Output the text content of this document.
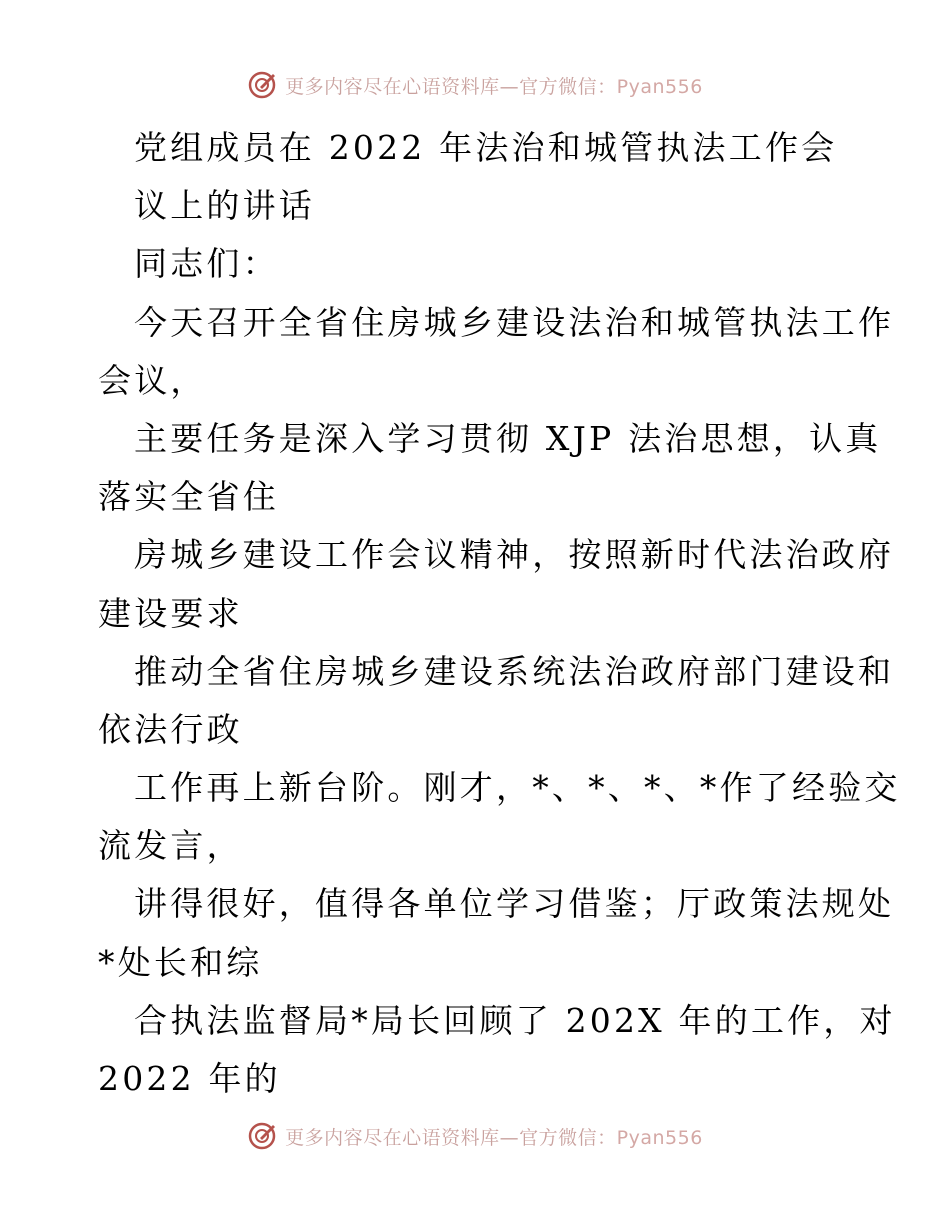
更多内容尽在心语资料库—官方微信：Pyan556
党组成员在 2022 年法治和城管执法工作会
议上的讲话
同志们：
今天召开全省住房城乡建设法治和城管执法工作
会议，
主要任务是深入学习贯彻 XJP 法治思想，认真
落实全省住
房城乡建设工作会议精神，按照新时代法治政府
建设要求
推动全省住房城乡建设系统法治政府部门建设和
依法行政
工作再上新台阶。刚才，*、*、*、*作了经验交
流发言，
讲得很好，值得各单位学习借鉴；厅政策法规处
*处长和综
合执法监督局*局长回顾了 202X 年的工作，对
2022 年的
更多内容尽在心语资料库—官方微信：Pyan556
